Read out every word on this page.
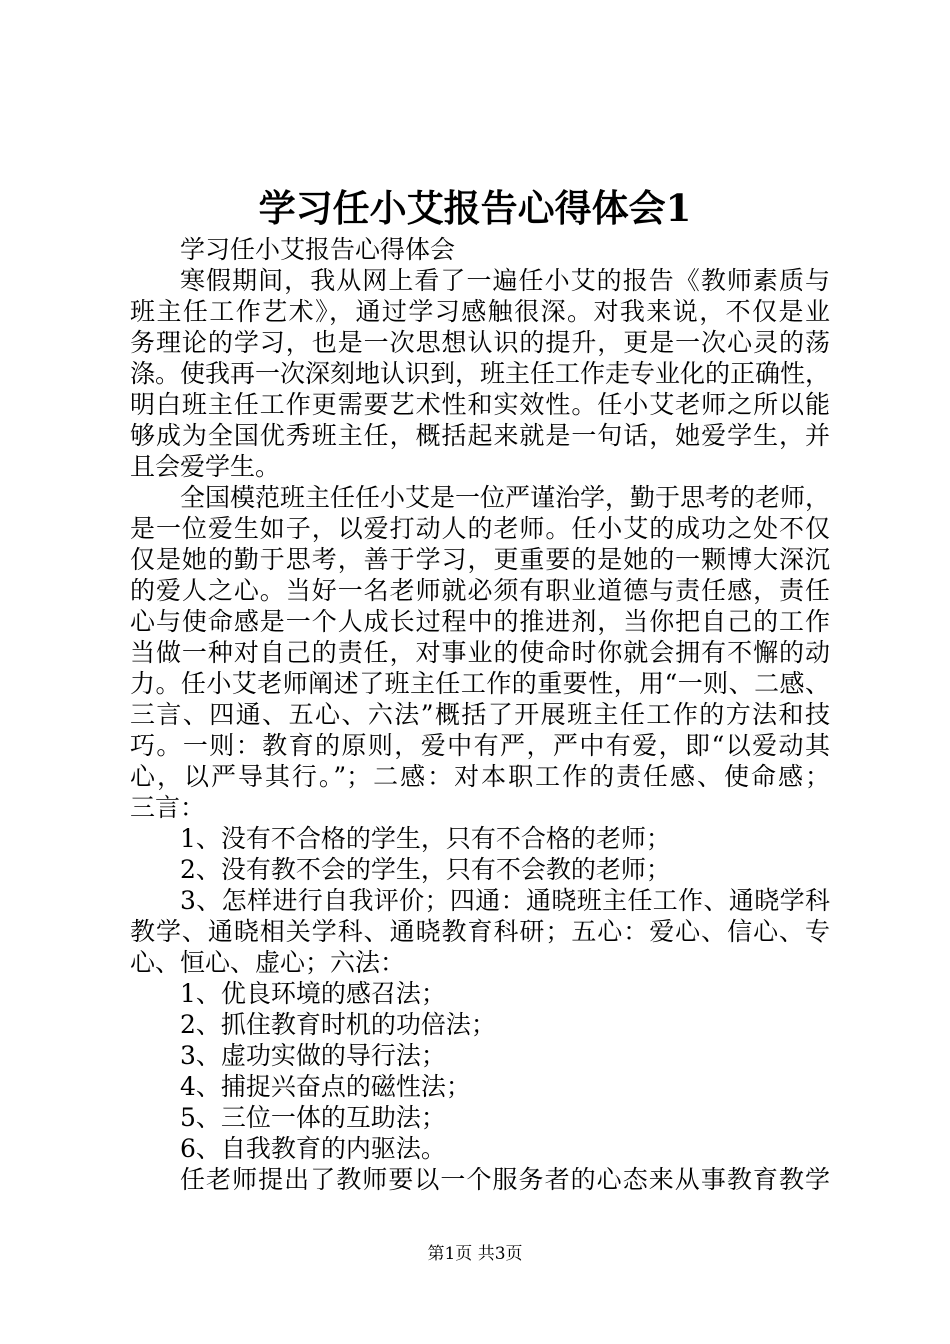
学习任小艾报告心得体会1
学习任小艾报告心得体会
寒假期间，我从网上看了一遍任小艾的报告《教师素质与
班主任工作艺术》，通过学习感触很深。对我来说，不仅是业
务理论的学习，也是一次思想认识的提升，更是一次心灵的荡
涤。使我再一次深刻地认识到，班主任工作走专业化的正确性，
明白班主任工作更需要艺术性和实效性。任小艾老师之所以能
够成为全国优秀班主任，概括起来就是一句话，她爱学生，并
且会爱学生。
全国模范班主任任小艾是一位严谨治学，勤于思考的老师，
是一位爱生如子，以爱打动人的老师。任小艾的成功之处不仅
仅是她的勤于思考，善于学习，更重要的是她的一颗博大深沉
的爱人之心。当好一名老师就必须有职业道德与责任感，责任
心与使命感是一个人成长过程中的推进剂，当你把自己的工作
当做一种对自己的责任，对事业的使命时你就会拥有不懈的动
力。任小艾老师阐述了班主任工作的重要性，用“一则、二感、
三言、四通、五心、六法”概括了开展班主任工作的方法和技
巧。一则：教育的原则，爱中有严，严中有爱，即“以爱动其
心，以严导其行。”；二感：对本职工作的责任感、使命感；
三言：
1、没有不合格的学生，只有不合格的老师；
2、没有教不会的学生，只有不会教的老师；
3、怎样进行自我评价；四通：通晓班主任工作、通晓学科
教学、通晓相关学科、通晓教育科研；五心：爱心、信心、专
心、恒心、虚心；六法：
1、优良环境的感召法；
2、抓住教育时机的功倍法；
3、虚功实做的导行法；
4、捕捉兴奋点的磁性法；
5、三位一体的互助法；
6、自我教育的内驱法。
任老师提出了教师要以一个服务者的心态来从事教育教学
第1页 共3页
